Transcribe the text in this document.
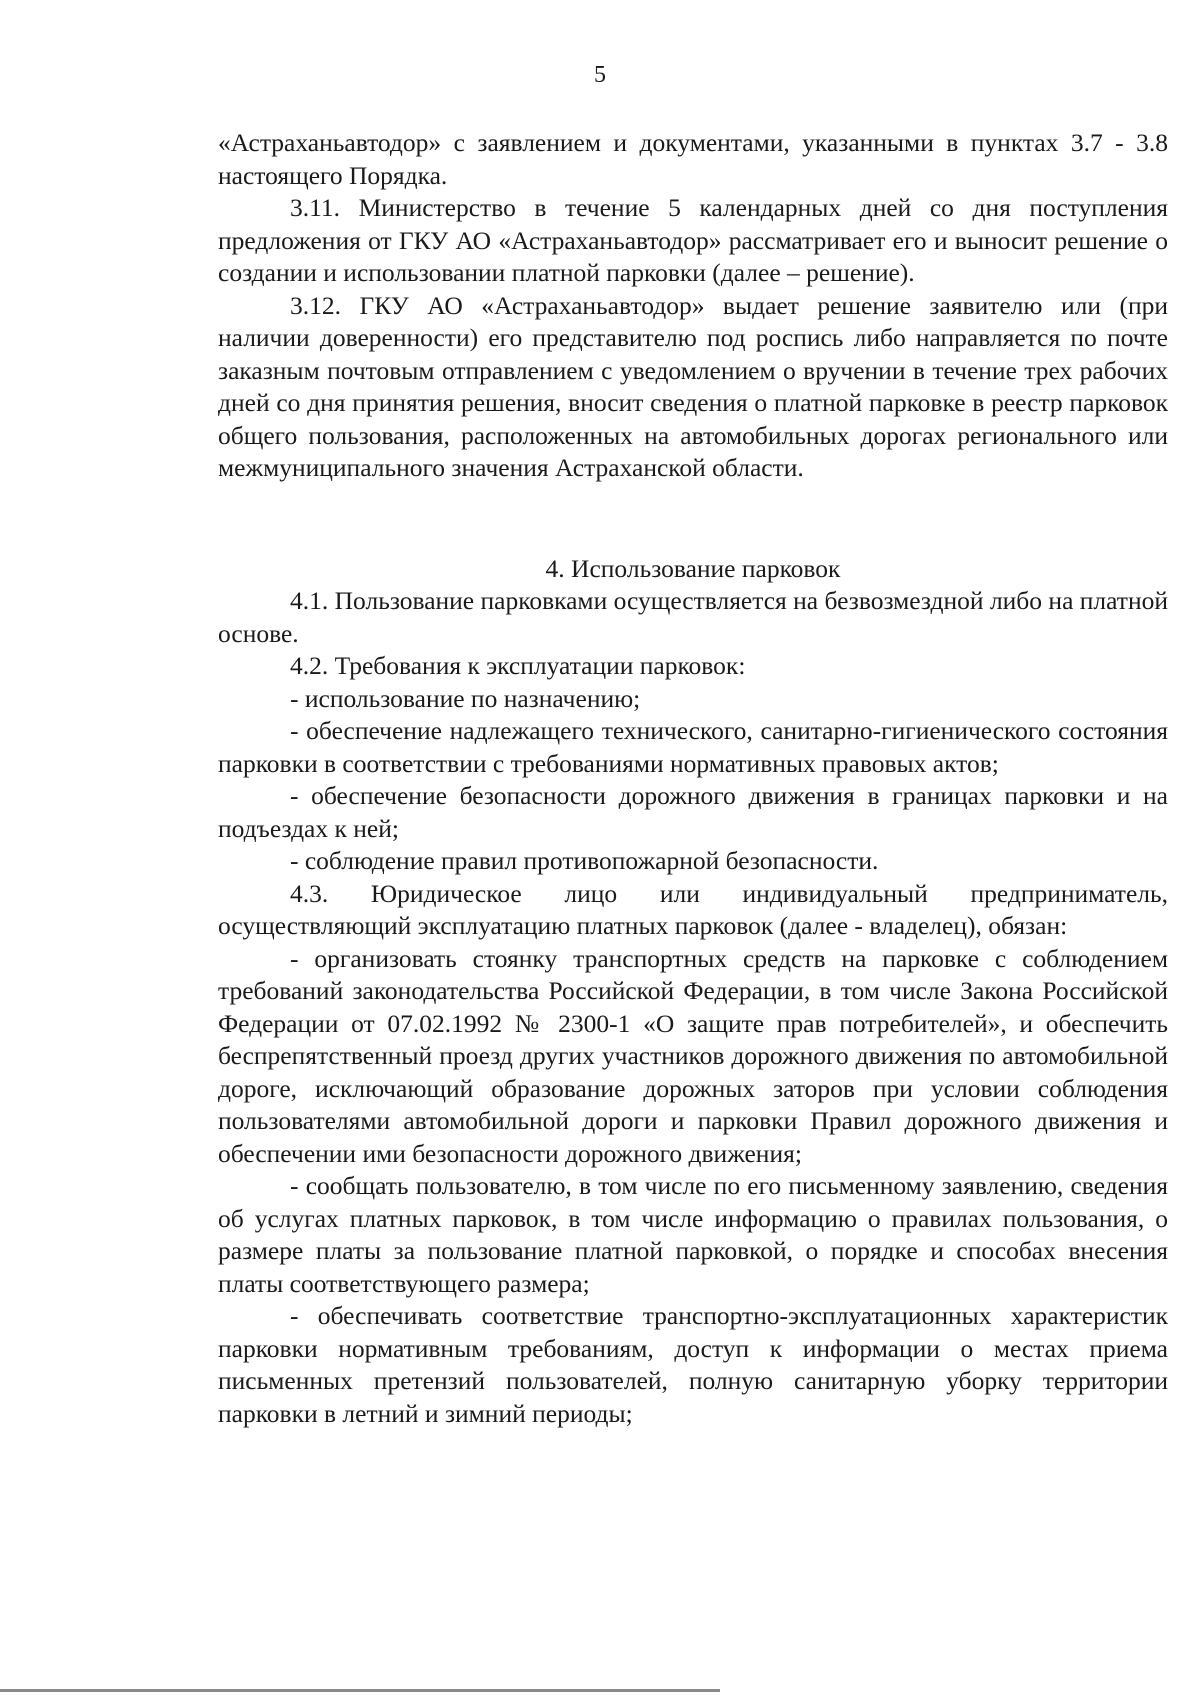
5

«Астраханьавтодор» с заявлением и документами, указанными в пунктах 3.7 - 3.8 настоящего Порядка.

3.11. Министерство в течение 5 календарных дней со дня поступления предложения от ГКУ АО «Астраханьавтодор» рассматривает его и выносит решение о создании и использовании платной парковки (далее – решение).

3.12. ГКУ АО «Астраханьавтодор» выдает решение заявителю или (при наличии доверенности) его представителю под роспись либо направляется по почте заказным почтовым отправлением с уведомлением о вручении в течение трех рабочих дней со дня принятия решения, вносит сведения о платной парковке в реестр парковок общего пользования, расположенных на автомобильных дорогах регионального или межмуниципального значения Астраханской области.

4. Использование парковок

4.1. Пользование парковками осуществляется на безвозмездной либо на платной основе.

4.2. Требования к эксплуатации парковок:

- использование по назначению;

- обеспечение надлежащего технического, санитарно-гигиенического состояния парковки в соответствии с требованиями нормативных правовых актов;

- обеспечение безопасности дорожного движения в границах парковки и на подъездах к ней;

- соблюдение правил противопожарной безопасности.

4.3. Юридическое лицо или индивидуальный предприниматель, осуществляющий эксплуатацию платных парковок (далее - владелец), обязан:

- организовать стоянку транспортных средств на парковке с соблюдением требований законодательства Российской Федерации, в том числе Закона Российской Федерации от 07.02.1992 № 2300-1 «О защите прав потребителей», и обеспечить беспрепятственный проезд других участников дорожного движения по автомобильной дороге, исключающий образование дорожных заторов при условии соблюдения пользователями автомобильной дороги и парковки Правил дорожного движения и обеспечении ими безопасности дорожного движения;

- сообщать пользователю, в том числе по его письменному заявлению, сведения об услугах платных парковок, в том числе информацию о правилах пользования, о размере платы за пользование платной парковкой, о порядке и способах внесения платы соответствующего размера;

- обеспечивать соответствие транспортно-эксплуатационных характеристик парковки нормативным требованиям, доступ к информации о местах приема письменных претензий пользователей, полную санитарную уборку территории парковки в летний и зимний периоды;
